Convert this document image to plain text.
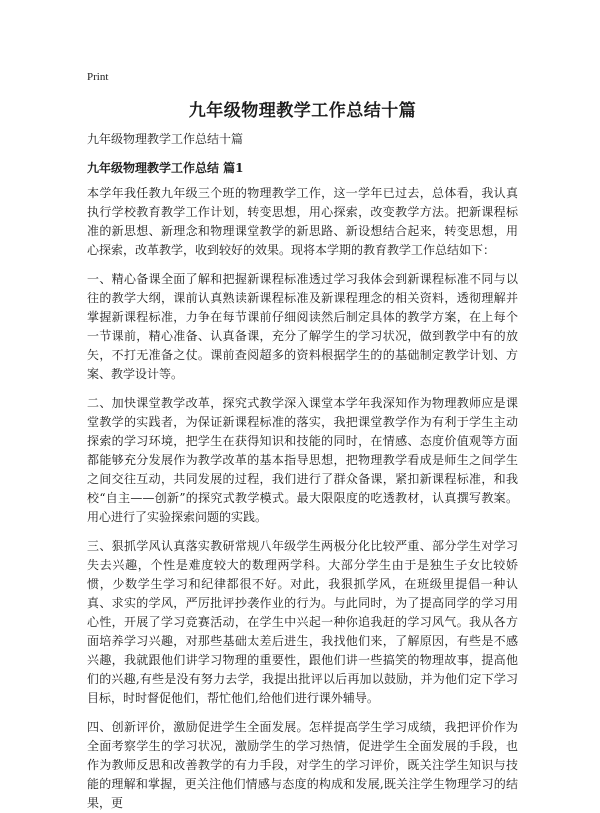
Print
九年级物理教学工作总结十篇

九年级物理教学工作总结十篇

九年级物理教学工作总结 篇1

本学年我任教九年级三个班的物理教学工作，这一学年已过去，总体看，我认真执行学校教育教学工作计划，转变思想，用心探索，改变教学方法。把新课程标准的新思想、新理念和物理课堂教学的新思路、新设想结合起来，转变思想，用心探索，改革教学，收到较好的效果。现将本学期的教育教学工作总结如下：

一、精心备课全面了解和把握新课程标准透过学习我体会到新课程标准不同与以往的教学大纲，课前认真熟读新课程标准及新课程理念的相关资料，透彻理解并掌握新课程标准，力争在每节课前仔细阅读然后制定具体的教学方案，在上每个一节课前，精心准备、认真备课，充分了解学生的学习状况，做到教学中有的放矢，不打无准备之仗。课前查阅超多的资料根据学生的的基础制定教学计划、方案、教学设计等。

二、加快课堂教学改革，探究式教学深入课堂本学年我深知作为物理教师应是课堂教学的实践者，为保证新课程标准的落实，我把课堂教学作为有利于学生主动探索的学习环境，把学生在获得知识和技能的同时，在情感、态度价值观等方面都能够充分发展作为教学改革的基本指导思想，把物理教学看成是师生之间学生之间交往互动，共同发展的过程，我们进行了群众备课，紧扣新课程标准，和我校“自主——创新”的探究式教学模式。最大限限度的吃透教材，认真撰写教案。用心进行了实验探索问题的实践。

三、狠抓学风认真落实教研常规八年级学生两极分化比较严重、部分学生对学习失去兴趣，个性是难度较大的数理两学科。大部分学生由于是独生子女比较娇惯，少数学生学习和纪律都很不好。对此，我狠抓学风，在班级里提倡一种认真、求实的学风，严厉批评抄袭作业的行为。与此同时，为了提高同学的学习用心性，开展了学习竞赛活动，在学生中兴起一种你追我赶的学习风气。我从各方面培养学习兴趣，对那些基础太差后进生，我找他们来，了解原因，有些是不感兴趣，我就跟他们讲学习物理的重要性，跟他们讲一些搞笑的物理故事，提高他们的兴趣,有些是没有努力去学，我提出批评以后再加以鼓励，并为他们定下学习目标，时时督促他们，帮忙他们,给他们进行课外辅导。

四、创新评价，激励促进学生全面发展。怎样提高学生学习成绩，我把评价作为全面考察学生的学习状况，激励学生的学习热情，促进学生全面发展的手段，也作为教师反思和改善教学的有力手段，对学生的学习评价，既关注学生知识与技能的理解和掌握，更关注他们情感与态度的构成和发展,既关注学生物理学习的结果，更
